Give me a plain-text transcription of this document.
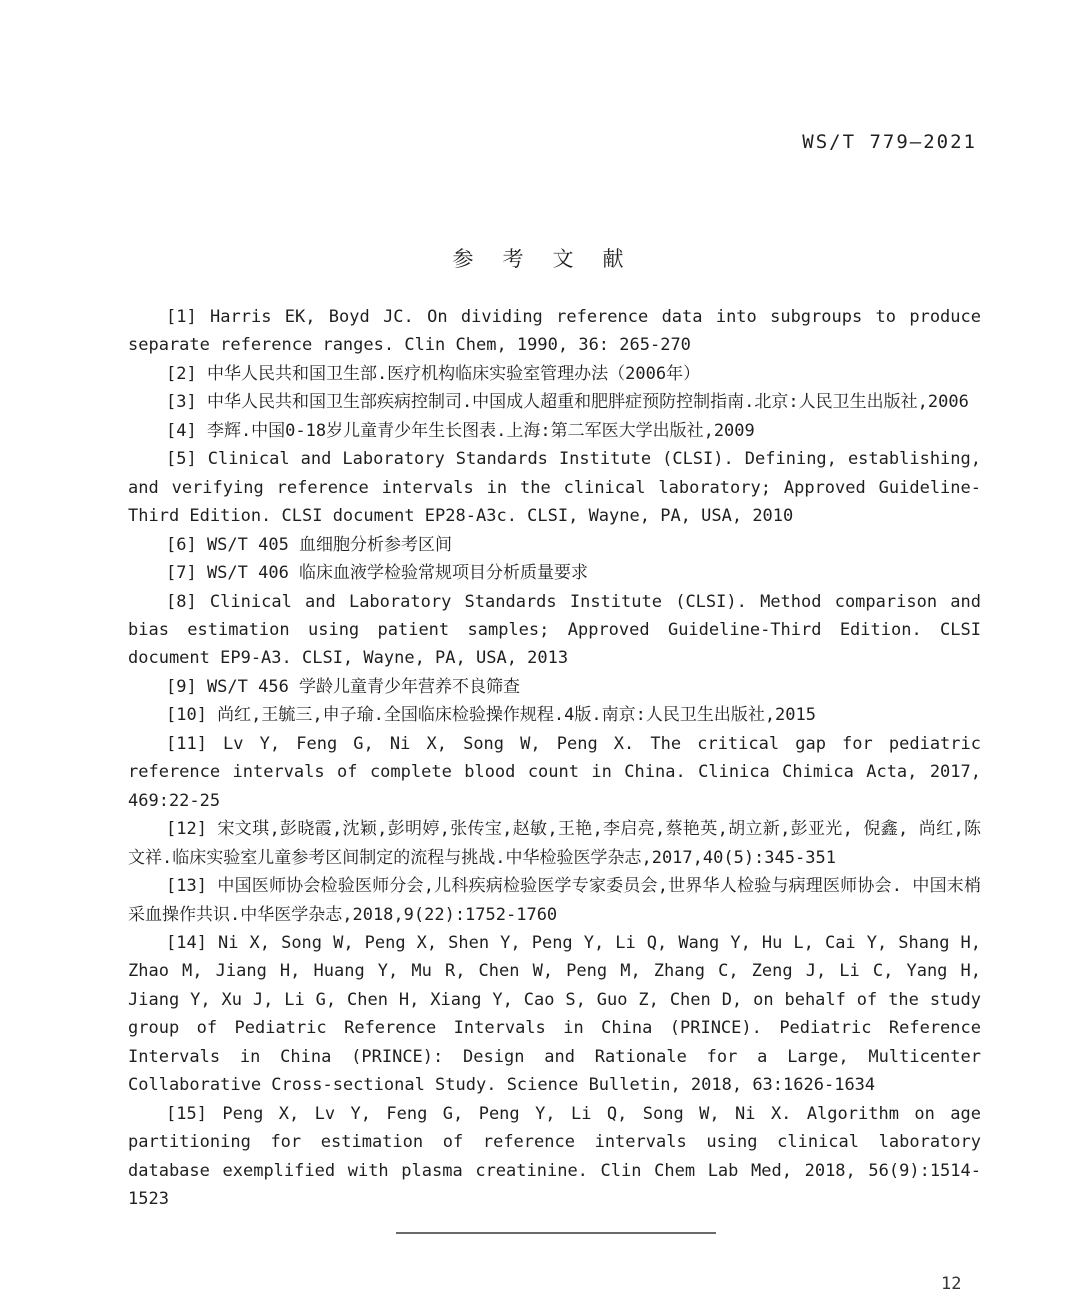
WS/T 779—2021
参　考　文　献

[1] Harris EK, Boyd JC. On dividing reference data into subgroups to produce separate reference ranges. Clin Chem, 1990, 36: 265-270

[2] 中华人民共和国卫生部.医疗机构临床实验室管理办法（2006年）

[3] 中华人民共和国卫生部疾病控制司.中国成人超重和肥胖症预防控制指南.北京:人民卫生出版社,2006

[4] 李辉.中国0-18岁儿童青少年生长图表.上海:第二军医大学出版社,2009

[5] Clinical and Laboratory Standards Institute (CLSI). Defining, establishing, and verifying reference intervals in the clinical laboratory; Approved Guideline-Third Edition. CLSI document EP28-A3c. CLSI, Wayne, PA, USA, 2010

[6] WS/T 405 血细胞分析参考区间

[7] WS/T 406 临床血液学检验常规项目分析质量要求

[8] Clinical and Laboratory Standards Institute (CLSI). Method comparison and bias estimation using patient samples; Approved Guideline-Third Edition. CLSI document EP9-A3. CLSI, Wayne, PA, USA, 2013

[9] WS/T 456 学龄儿童青少年营养不良筛查

[10] 尚红,王毓三,申子瑜.全国临床检验操作规程.4版.南京:人民卫生出版社,2015

[11] Lv Y, Feng G, Ni X, Song W, Peng X. The critical gap for pediatric reference intervals of complete blood count in China. Clinica Chimica Acta, 2017, 469:22-25

[12] 宋文琪,彭晓霞,沈颖,彭明婷,张传宝,赵敏,王艳,李启亮,蔡艳英,胡立新,彭亚光, 倪鑫, 尚红,陈文祥.临床实验室儿童参考区间制定的流程与挑战.中华检验医学杂志,2017,40(5):345-351

[13] 中国医师协会检验医师分会,儿科疾病检验医学专家委员会,世界华人检验与病理医师协会. 中国末梢采血操作共识.中华医学杂志,2018,9(22):1752-1760

[14] Ni X, Song W, Peng X, Shen Y, Peng Y, Li Q, Wang Y, Hu L, Cai Y, Shang H, Zhao M, Jiang H, Huang Y, Mu R, Chen W, Peng M, Zhang C, Zeng J, Li C, Yang H, Jiang Y, Xu J, Li G, Chen H, Xiang Y, Cao S, Guo Z, Chen D, on behalf of the study group of Pediatric Reference Intervals in China (PRINCE). Pediatric Reference Intervals in China (PRINCE): Design and Rationale for a Large, Multicenter Collaborative Cross-sectional Study. Science Bulletin, 2018, 63:1626-1634

[15] Peng X, Lv Y, Feng G, Peng Y, Li Q, Song W, Ni X. Algorithm on age partitioning for estimation of reference intervals using clinical laboratory database exemplified with plasma creatinine. Clin Chem Lab Med, 2018, 56(9):1514-1523

12
